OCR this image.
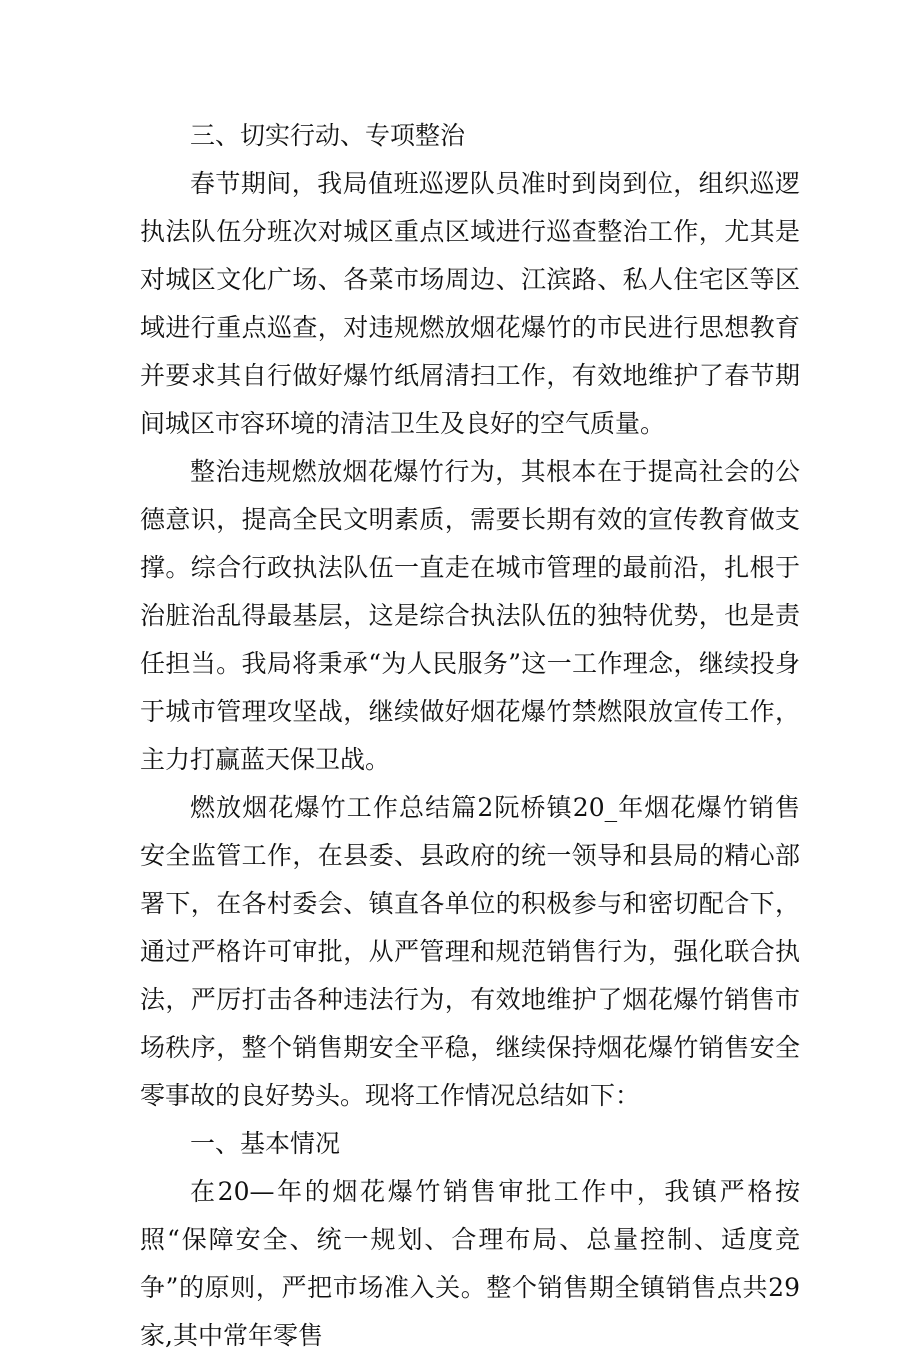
三、切实行动、专项整治

春节期间，我局值班巡逻队员准时到岗到位，组织巡逻执法队伍分班次对城区重点区域进行巡查整治工作，尤其是对城区文化广场、各菜市场周边、江滨路、私人住宅区等区域进行重点巡查，对违规燃放烟花爆竹的市民进行思想教育并要求其自行做好爆竹纸屑清扫工作，有效地维护了春节期间城区市容环境的清洁卫生及良好的空气质量。

整治违规燃放烟花爆竹行为，其根本在于提高社会的公德意识，提高全民文明素质，需要长期有效的宣传教育做支撑。综合行政执法队伍一直走在城市管理的最前沿，扎根于治脏治乱得最基层，这是综合执法队伍的独特优势，也是责任担当。我局将秉承“为人民服务”这一工作理念，继续投身于城市管理攻坚战，继续做好烟花爆竹禁燃限放宣传工作，主力打赢蓝天保卫战。

燃放烟花爆竹工作总结篇2阮桥镇20_年烟花爆竹销售安全监管工作，在县委、县政府的统一领导和县局的精心部署下，在各村委会、镇直各单位的积极参与和密切配合下，通过严格许可审批，从严管理和规范销售行为，强化联合执法，严厉打击各种违法行为，有效地维护了烟花爆竹销售市场秩序，整个销售期安全平稳，继续保持烟花爆竹销售安全零事故的良好势头。现将工作情况总结如下：

一、基本情况

在20—年的烟花爆竹销售审批工作中，我镇严格按照“保障安全、统一规划、合理布局、总量控制、适度竞争”的原则，严把市场准入关。整个销售期全镇销售点共29家,其中常年零售
